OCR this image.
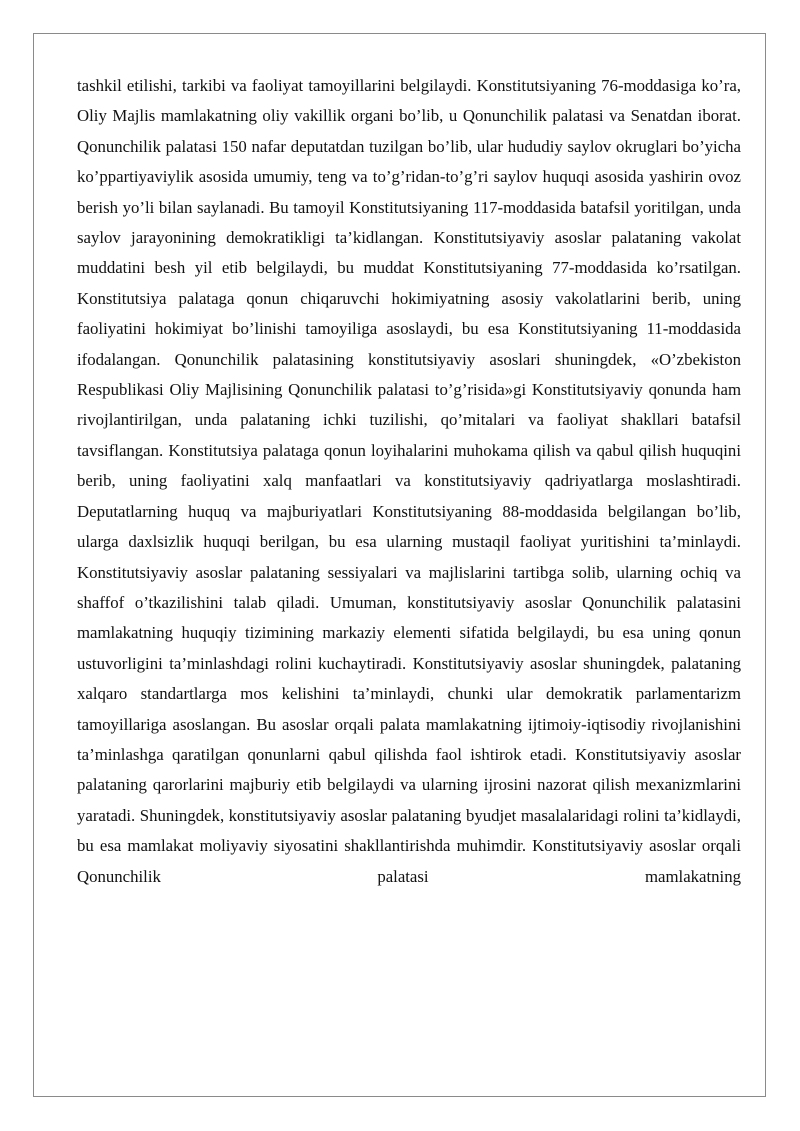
tashkil etilishi, tarkibi va faoliyat tamoyillarini belgilaydi. Konstitutsiyaning 76-moddasiga ko’ra, Oliy Majlis mamlakatning oliy vakillik organi bo’lib, u Qonunchilik palatasi va Senatdan iborat. Qonunchilik palatasi 150 nafar deputatdan tuzilgan bo’lib, ular hududiy saylov okruglari bo’yicha ko’ppartiyaviylik asosida umumiy, teng va to’g’ridan-to’g’ri saylov huquqi asosida yashirin ovoz berish yo’li bilan saylanadi. Bu tamoyil Konstitutsiyaning 117-moddasida batafsil yoritilgan, unda saylov jarayonining demokratikligi ta’kidlangan. Konstitutsiyaviy asoslar palataning vakolat muddatini besh yil etib belgilaydi, bu muddat Konstitutsiyaning 77-moddasida ko’rsatilgan. Konstitutsiya palataga qonun chiqaruvchi hokimiyatning asosiy vakolatlarini berib, uning faoliyatini hokimiyat bo’linishi tamoyiliga asoslaydi, bu esa Konstitutsiyaning 11-moddasida ifodalangan. Qonunchilik palatasining konstitutsiyaviy asoslari shuningdek, «O’zbekiston Respublikasi Oliy Majlisining Qonunchilik palatasi to’g’risida»gi Konstitutsiyaviy qonunda ham rivojlantirilgan, unda palataning ichki tuzilishi, qo’mitalari va faoliyat shakllari batafsil tavsiflangan. Konstitutsiya palataga qonun loyihalarini muhokama qilish va qabul qilish huquqini berib, uning faoliyatini xalq manfaatlari va konstitutsiyaviy qadriyatlarga moslashtiradi. Deputatlarning huquq va majburiyatlari Konstitutsiyaning 88-moddasida belgilangan bo’lib, ularga daxlsizlik huquqi berilgan, bu esa ularning mustaqil faoliyat yuritishini ta’minlaydi. Konstitutsiyaviy asoslar palataning sessiyalari va majlislarini tartibga solib, ularning ochiq va shaffof o’tkazilishini talab qiladi. Umuman, konstitutsiyaviy asoslar Qonunchilik palatasini mamlakatning huquqiy tizimining markaziy elementi sifatida belgilaydi, bu esa uning qonun ustuvorligini ta’minlashdagi rolini kuchaytiradi. Konstitutsiyaviy asoslar shuningdek, palataning xalqaro standartlarga mos kelishini ta’minlaydi, chunki ular demokratik parlamentarizm tamoyillariga asoslangan. Bu asoslar orqali palata mamlakatning ijtimoiy-iqtisodiy rivojlanishini ta’minlashga qaratilgan qonunlarni qabul qilishda faol ishtirok etadi. Konstitutsiyaviy asoslar palataning qarorlarini majburiy etib belgilaydi va ularning ijrosini nazorat qilish mexanizmlarini yaratadi. Shuningdek, konstitutsiyaviy asoslar palataning byudjet masalalaridagi rolini ta’kidlaydi, bu esa mamlakat moliyaviy siyosatini shakllantirishda muhimdir. Konstitutsiyaviy asoslar orqali Qonunchilik palatasi mamlakatning
